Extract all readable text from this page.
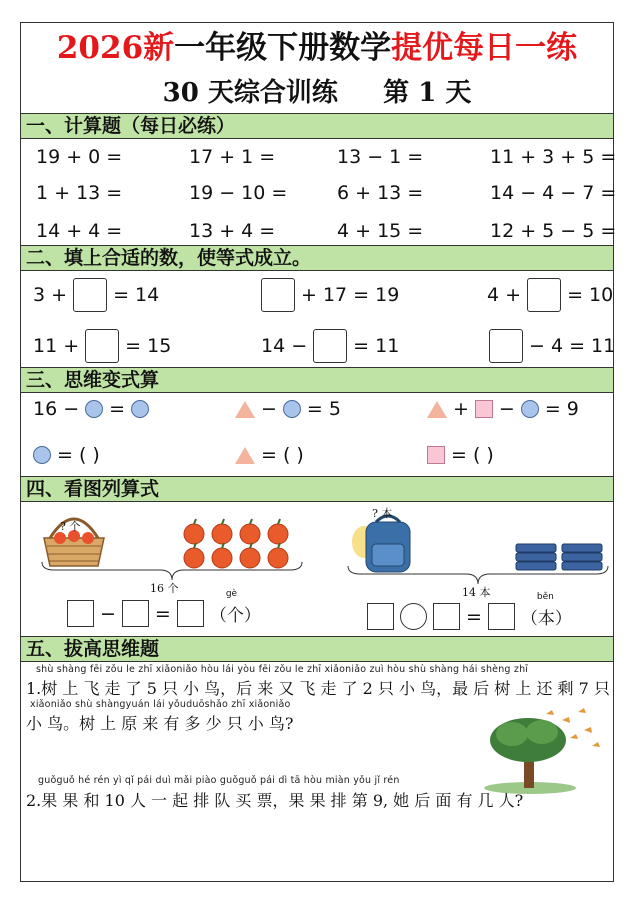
2026新一年级下册数学提优每日一练
30 天综合训练     第 1 天
一、计算题（每日必练）
19 + 0 =	17 + 1 =	13 − 1 =	11 + 3 + 5 =
1 + 13 =	19 − 10 =	6 + 13 =	14 − 4 − 7 =
14 + 4 =	13 + 4 =	4 + 15 =	12 + 5 − 5 =
二、填上合适的数，使等式成立。
3 + = 14	+ 17 = 19	4 + = 10
11 + = 15	14 − = 11	− 4 = 11
三、思维变式算
16 − =	− = 5	+ − = 9
= ( )	= ( )	= ( )
四、看图列算式
? 个
16 个
? 本
14 本
− =
gè
（个）	=
běn
（本）
五、拔高思维题
shù shàng fēi zǒu le zhī xiǎoniǎo hòu lái yòu fēi zǒu le zhī xiǎoniǎo zuì hòu shù shàng hái shèng zhī
1.树 上 飞 走 了 5 只 小 鸟，后 来 又 飞 走 了 2 只 小 鸟，最 后 树 上 还 剩 7 只
xiǎoniǎo shù shàngyuán lái yǒuduōshǎo zhī xiǎoniǎo
小 鸟。树 上 原 来 有 多 少 只 小 鸟?
guǒguǒ hé rén yì qǐ pái duì mǎi piào guǒguǒ pái dì tā hòu miàn yǒu jǐ rén
2.果 果 和 10 人 一 起 排 队 买 票，果 果 排 第 9, 她 后 面 有 几 人?
